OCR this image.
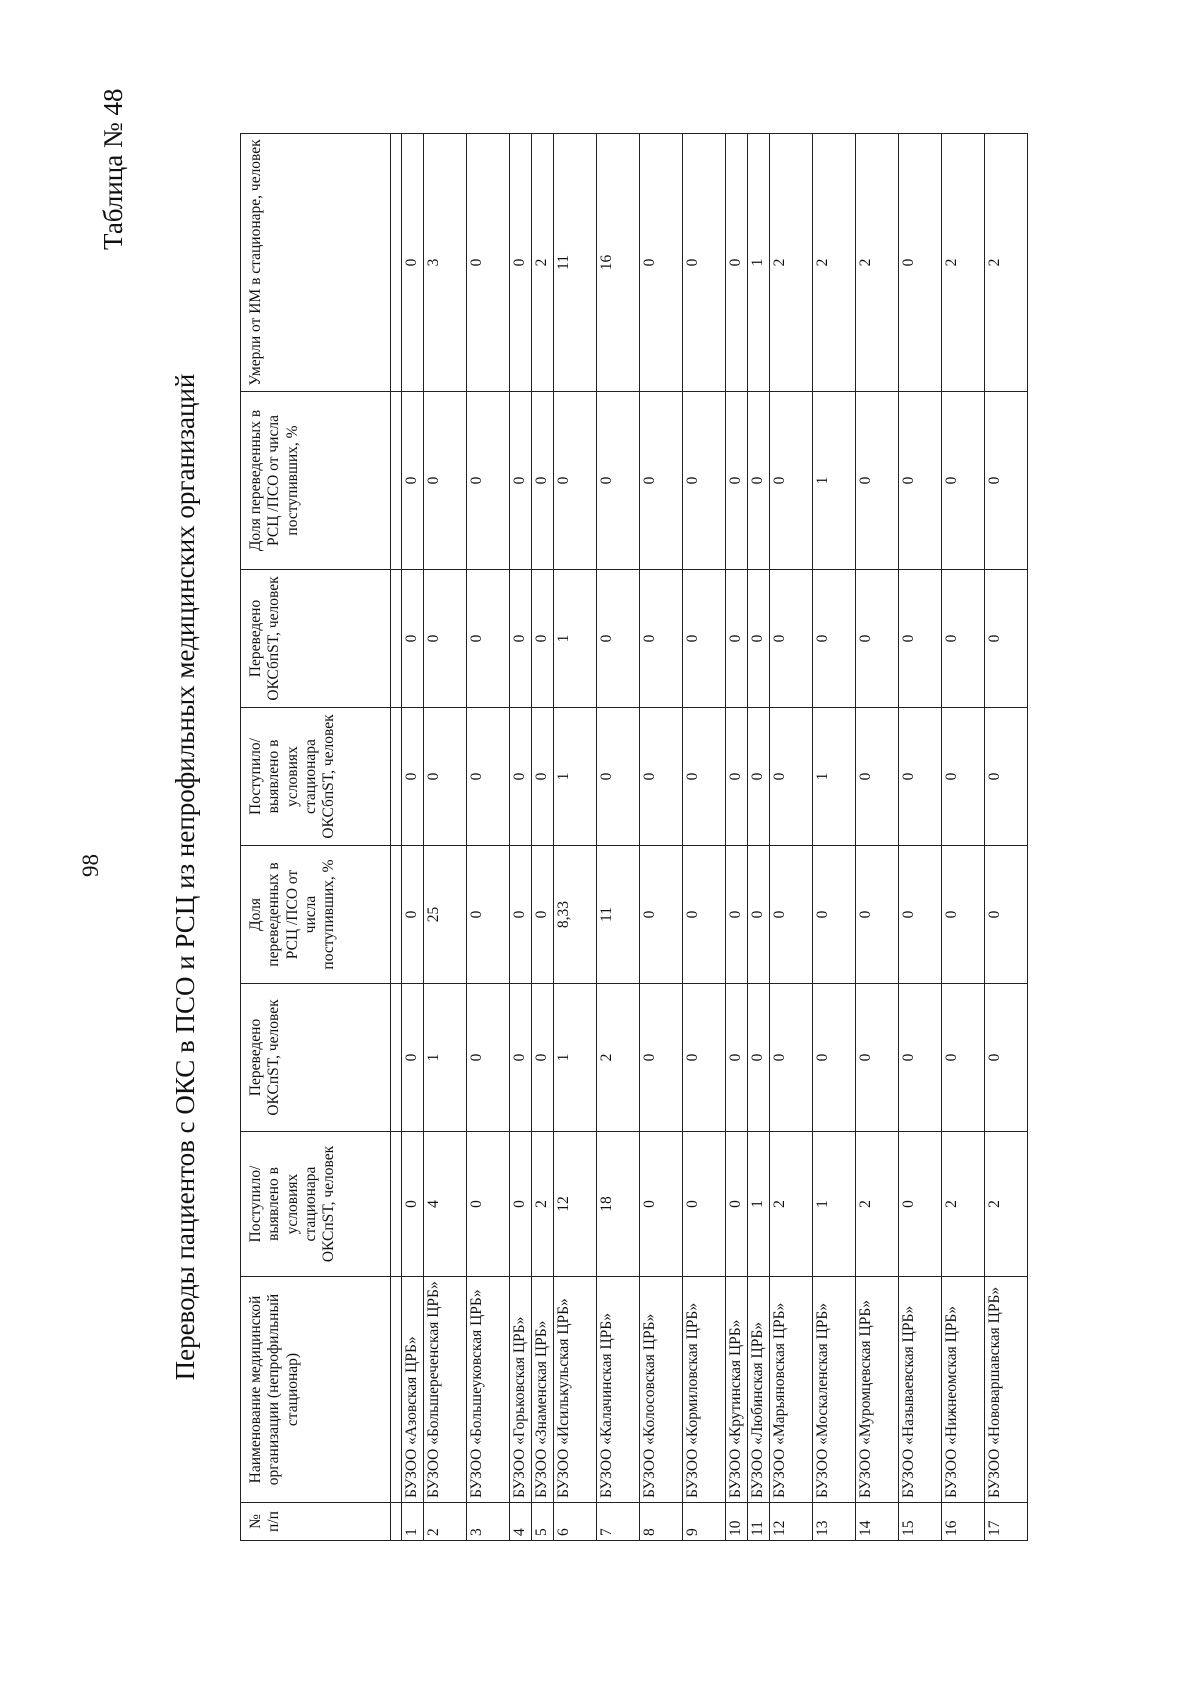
98
Таблица № 48
Переводы пациентов с ОКС в ПСО и РСЦ из непрофильных медицинских организаций
№ п/п	Наименование медицинской организации (непрофильный стационар)	Поступило/ выявлено в условиях стационара ОКСпST, человек	Переведено ОКСпST, человек	Доля переведенных в РСЦ /ПСО от числа поступивших, %	Поступило/ выявлено в условиях стационара ОКСбпST, человек	Переведено ОКСбпST, человек	Доля переведенных в РСЦ /ПСО от числа поступивших, %	Умерли от ИМ в стационаре, человек

1	БУЗОО «Азовская ЦРБ»	0	0	0	0	0	0	0
2	БУЗОО «Большереченская ЦРБ»	4	1	25	0	0	0	3
3	БУЗОО «Большеуковская ЦРБ»	0	0	0	0	0	0	0
4	БУЗОО «Горьковская ЦРБ»	0	0	0	0	0	0	0
5	БУЗОО «Знаменская ЦРБ»	2	0	0	0	0	0	2
6	БУЗОО «Исилькульская ЦРБ»	12	1	8,33	1	1	0	11
7	БУЗОО «Калачинская ЦРБ»	18	2	11	0	0	0	16
8	БУЗОО «Колосовская ЦРБ»	0	0	0	0	0	0	0
9	БУЗОО «Кормиловская ЦРБ»	0	0	0	0	0	0	0
10	БУЗОО «Крутинская ЦРБ»	0	0	0	0	0	0	0
11	БУЗОО «Любинская ЦРБ»	1	0	0	0	0	0	1
12	БУЗОО «Марьяновская ЦРБ»	2	0	0	0	0	0	2
13	БУЗОО «Москаленская ЦРБ»	1	0	0	1	0	1	2
14	БУЗОО «Муромцевская ЦРБ»	2	0	0	0	0	0	2
15	БУЗОО «Называевская ЦРБ»	0	0	0	0	0	0	0
16	БУЗОО «Нижнеомская ЦРБ»	2	0	0	0	0	0	2
17	БУЗОО «Нововаршавская ЦРБ»	2	0	0	0	0	0	2
